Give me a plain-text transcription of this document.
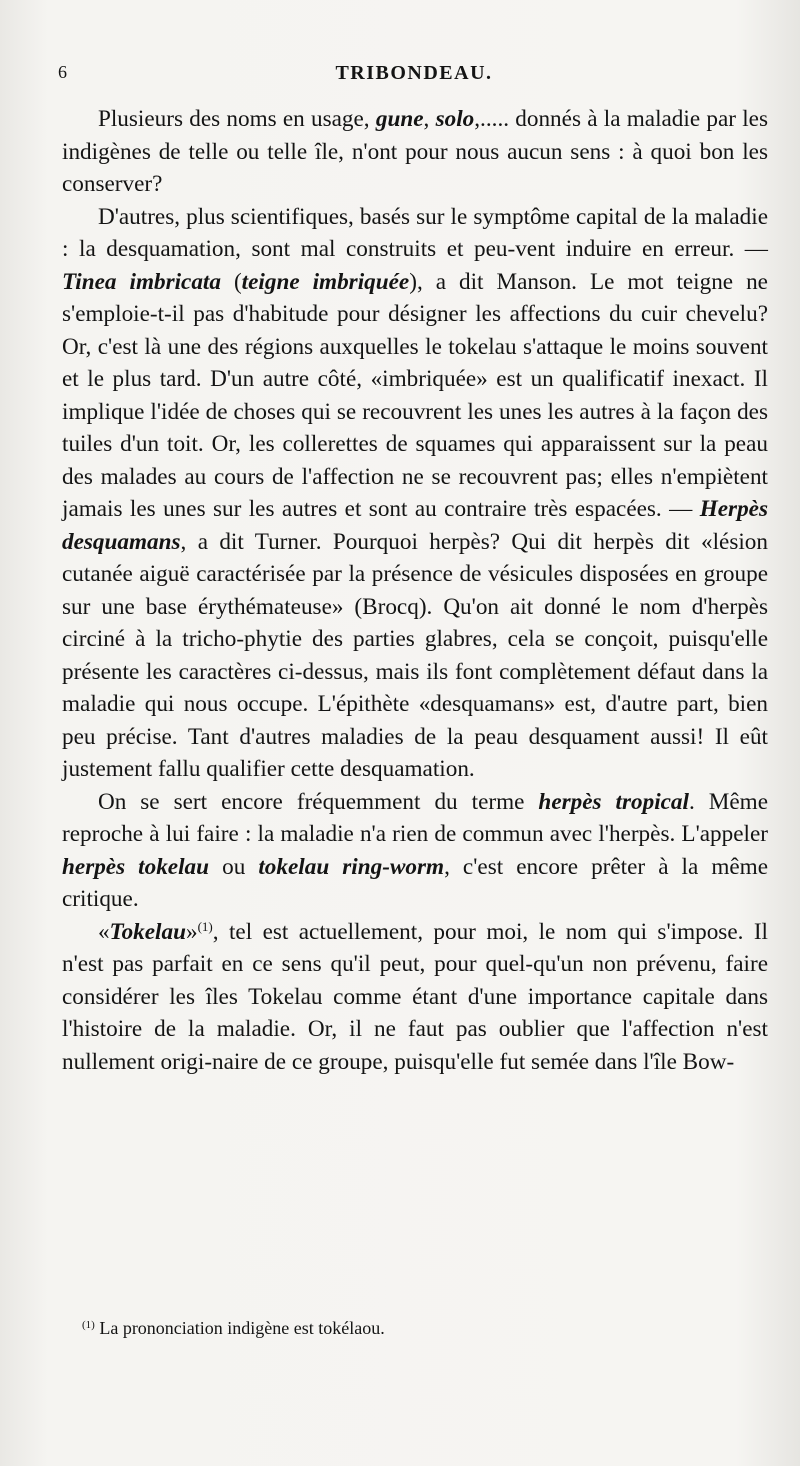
6	TRIBONDEAU.

Plusieurs des noms en usage, gune, solo,..... donnés à la maladie par les indigènes de telle ou telle île, n'ont pour nous aucun sens : à quoi bon les conserver?

D'autres, plus scientifiques, basés sur le symptôme capital de la maladie : la desquamation, sont mal construits et peu-vent induire en erreur. — Tinea imbricata (teigne imbriquée), a dit Manson. Le mot teigne ne s'emploie-t-il pas d'habitude pour désigner les affections du cuir chevelu? Or, c'est là une des régions auxquelles le tokelau s'attaque le moins souvent et le plus tard. D'un autre côté, «imbriquée» est un qualificatif inexact. Il implique l'idée de choses qui se recouvrent les unes les autres à la façon des tuiles d'un toit. Or, les collerettes de squames qui apparaissent sur la peau des malades au cours de l'affection ne se recouvrent pas; elles n'empiètent jamais les unes sur les autres et sont au contraire très espacées. — Herpès desquamans, a dit Turner. Pourquoi herpès? Qui dit herpès dit «lésion cutanée aiguë caractérisée par la présence de vésicules disposées en groupe sur une base érythémateuse» (Brocq). Qu'on ait donné le nom d'herpès circiné à la tricho-phytie des parties glabres, cela se conçoit, puisqu'elle présente les caractères ci-dessus, mais ils font complètement défaut dans la maladie qui nous occupe. L'épithète «desquamans» est, d'autre part, bien peu précise. Tant d'autres maladies de la peau desquament aussi! Il eût justement fallu qualifier cette desquamation.

On se sert encore fréquemment du terme herpès tropical. Même reproche à lui faire : la maladie n'a rien de commun avec l'herpès. L'appeler herpès tokelau ou tokelau ring-worm, c'est encore prêter à la même critique.

«Tokelau»$^{(1)}$, tel est actuellement, pour moi, le nom qui s'impose. Il n'est pas parfait en ce sens qu'il peut, pour quel-qu'un non prévenu, faire considérer les îles Tokelau comme étant d'une importance capitale dans l'histoire de la maladie. Or, il ne faut pas oublier que l'affection n'est nullement origi-naire de ce groupe, puisqu'elle fut semée dans l'île Bow-

$^{(1)}$ La prononciation indigène est tokélaou.
